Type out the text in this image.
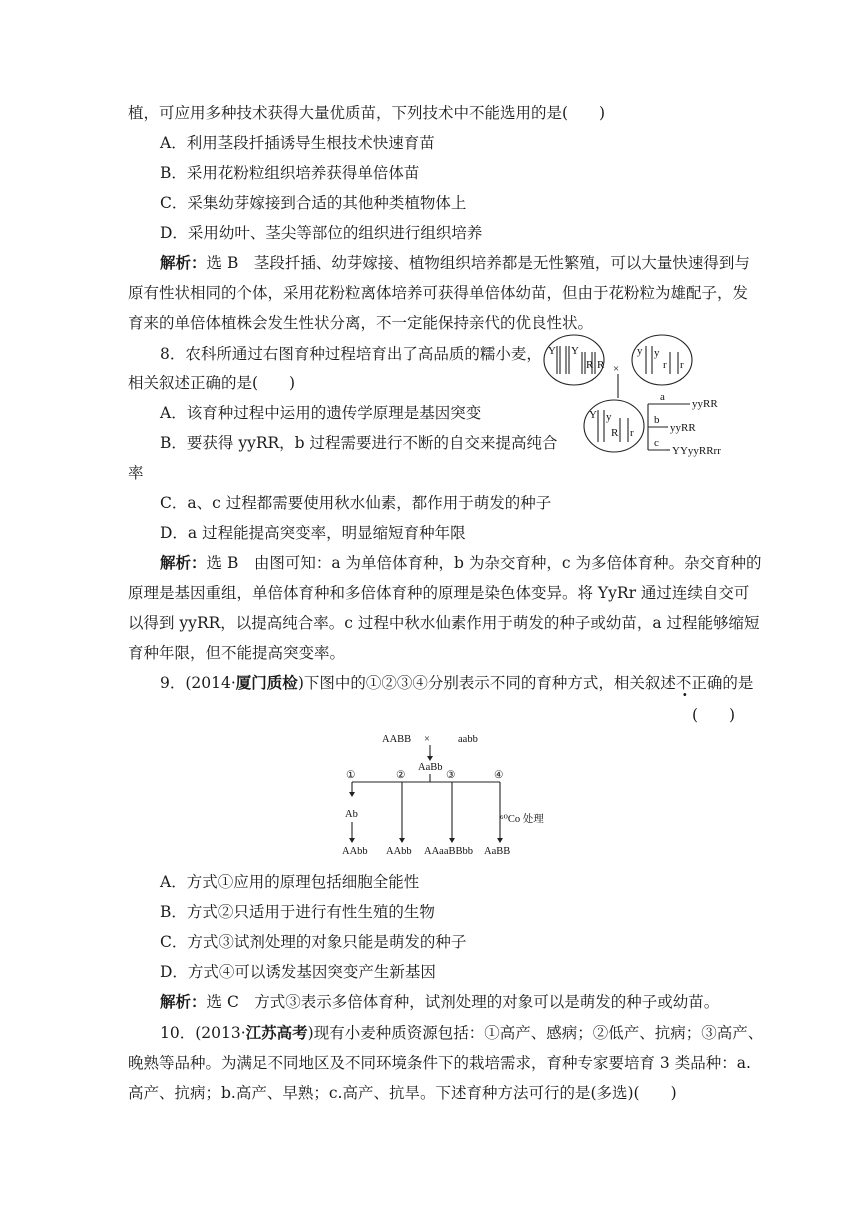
植，可应用多种技术获得大量优质苗，下列技术中不能选用的是(　　)
A．利用茎段扦插诱导生根技术快速育苗
B．采用花粉粒组织培养获得单倍体苗
C．采集幼芽嫁接到合适的其他种类植物体上
D．采用幼叶、茎尖等部位的组织进行组织培养
解析：选 B　茎段扦插、幼芽嫁接、植物组织培养都是无性繁殖，可以大量快速得到与
原有性状相同的个体，采用花粉粒离体培养可获得单倍体幼苗，但由于花粉粒为雄配子，发
育来的单倍体植株会发生性状分离，不一定能保持亲代的优良性状。
8．农科所通过右图育种过程培育出了高品质的糯小麦，
相关叙述正确的是(　　)
A．该育种过程中运用的遗传学原理是基因突变
B．要获得 yyRR，b 过程需要进行不断的自交来提高纯合
率
C．a、c 过程都需要使用秋水仙素，都作用于萌发的种子
D．a 过程能提高突变率，明显缩短育种年限
解析：选 B　由图可知：a 为单倍体育种，b 为杂交育种，c 为多倍体育种。杂交育种的
原理是基因重组，单倍体育种和多倍体育种的原理是染色体变异。将 YyRr 通过连续自交可
以得到 yyRR，以提高纯合率。c 过程中秋水仙素作用于萌发的种子或幼苗，a 过程能够缩短
育种年限，但不能提高突变率。
Y Y
R R
y y
r r
×
Y y
R r
a
b
c
yyRR
yyRR
YYyyRRrr
9．(2014·厦门质检)下图中的①②③④分别表示不同的育种方式，相关叙述不正确的是
(　　)
AABB ×	aabb
AaBb
①	②	③	④
Ab	⁶⁰Co 处理
AAbb AAbb AAaaBBbb AaBB
A．方式①应用的原理包括细胞全能性
B．方式②只适用于进行有性生殖的生物
C．方式③试剂处理的对象只能是萌发的种子
D．方式④可以诱发基因突变产生新基因
解析：选 C　方式③表示多倍体育种，试剂处理的对象可以是萌发的种子或幼苗。
10．(2013·江苏高考)现有小麦种质资源包括：①高产、感病；②低产、抗病；③高产、
晚熟等品种。为满足不同地区及不同环境条件下的栽培需求，育种专家要培育 3 类品种：a.
高产、抗病；b.高产、早熟；c.高产、抗旱。下述育种方法可行的是(多选)(　　)
